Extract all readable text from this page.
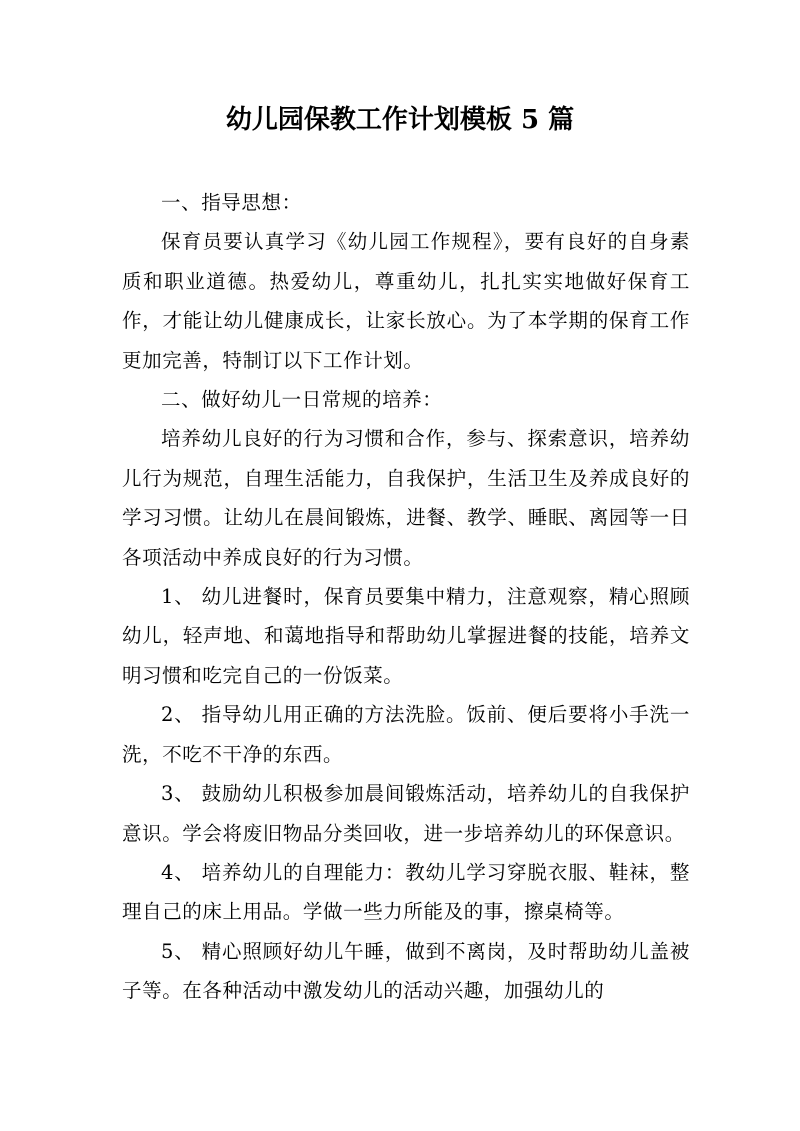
幼儿园保教工作计划模板 5 篇

一、指导思想：

保育员要认真学习《幼儿园工作规程》，要有良好的自身素质和职业道德。热爱幼儿，尊重幼儿，扎扎实实地做好保育工作，才能让幼儿健康成长，让家长放心。为了本学期的保育工作更加完善，特制订以下工作计划。

二、做好幼儿一日常规的培养：

培养幼儿良好的行为习惯和合作，参与、探索意识，培养幼儿行为规范，自理生活能力，自我保护，生活卫生及养成良好的学习习惯。让幼儿在晨间锻炼，进餐、教学、睡眠、离园等一日各项活动中养成良好的行为习惯。

1、 幼儿进餐时，保育员要集中精力，注意观察，精心照顾幼儿，轻声地、和蔼地指导和帮助幼儿掌握进餐的技能，培养文明习惯和吃完自己的一份饭菜。

2、 指导幼儿用正确的方法洗脸。饭前、便后要将小手洗一洗，不吃不干净的东西。

3、 鼓励幼儿积极参加晨间锻炼活动，培养幼儿的自我保护意识。学会将废旧物品分类回收，进一步培养幼儿的环保意识。

4、 培养幼儿的自理能力：教幼儿学习穿脱衣服、鞋袜，整理自己的床上用品。学做一些力所能及的事，擦桌椅等。

5、 精心照顾好幼儿午睡，做到不离岗，及时帮助幼儿盖被子等。在各种活动中激发幼儿的活动兴趣，加强幼儿的
